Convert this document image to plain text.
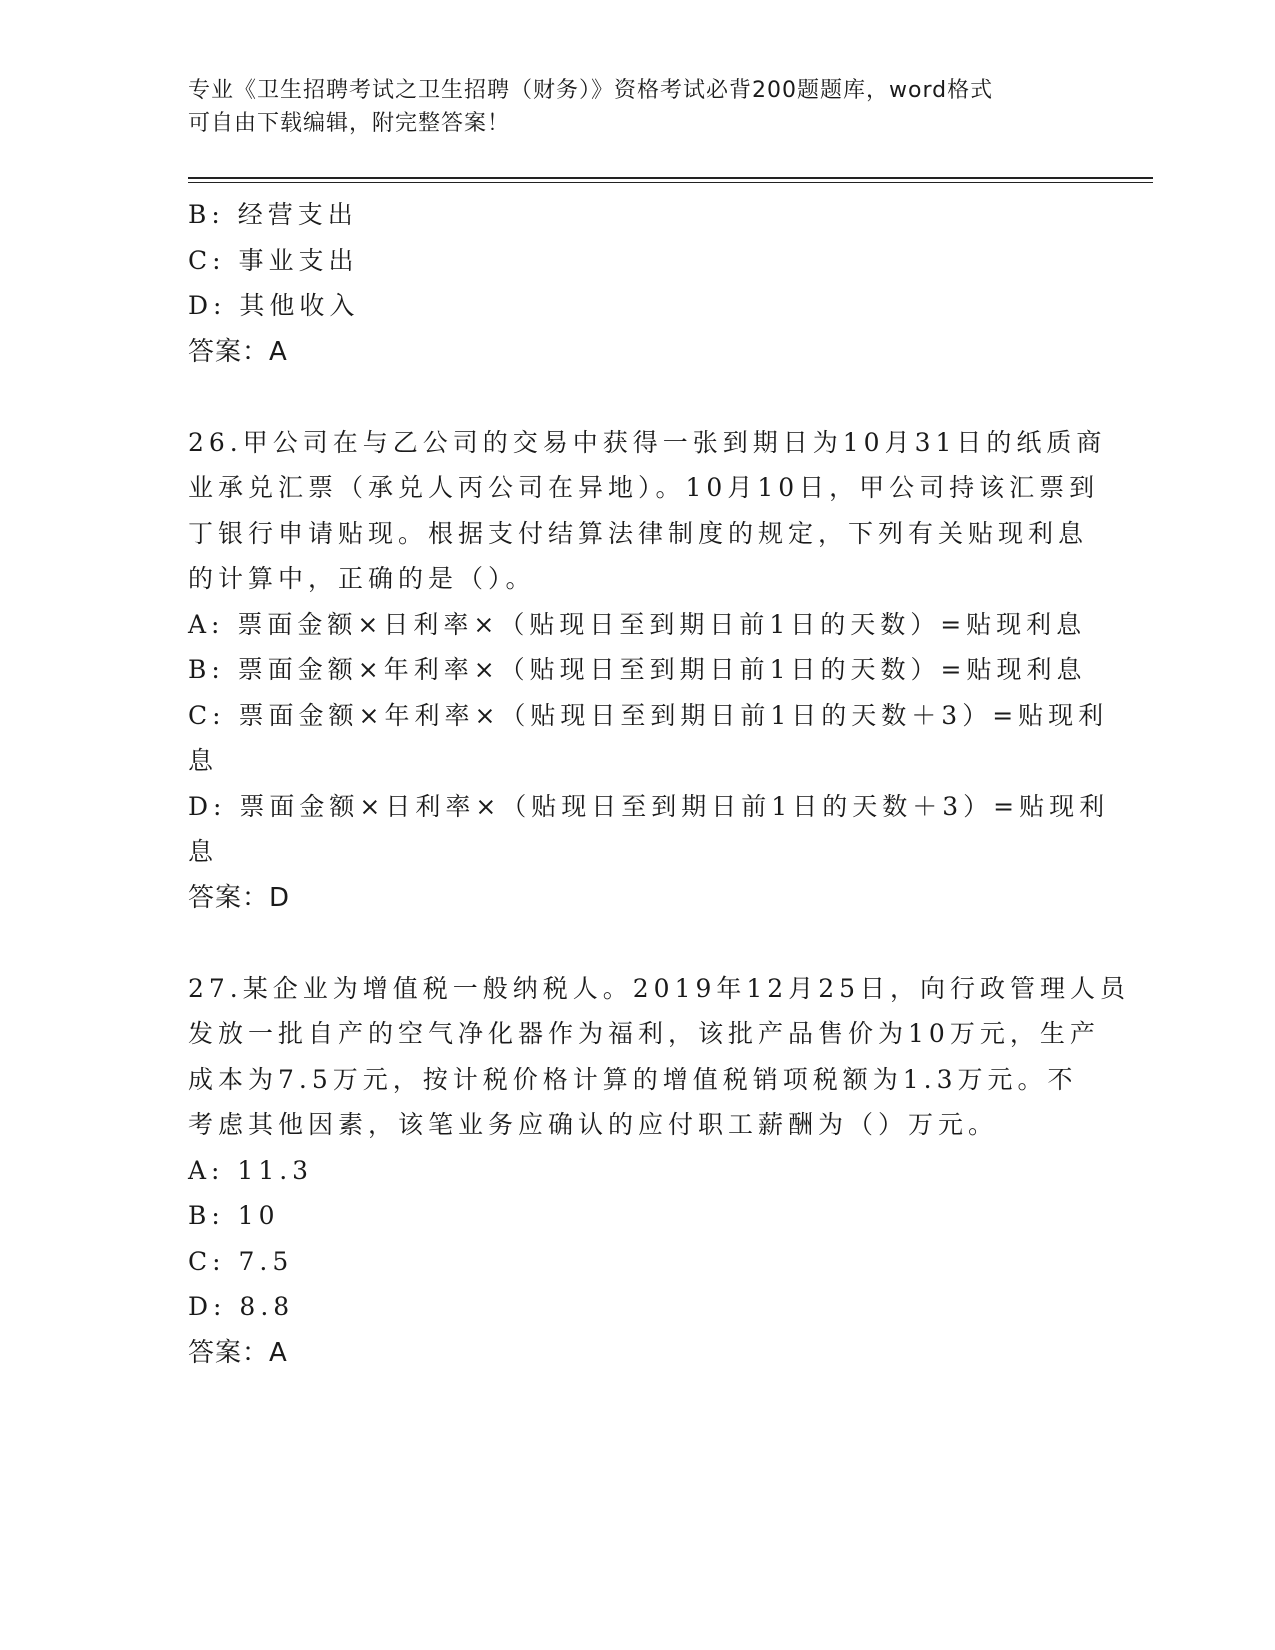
专业《卫生招聘考试之卫生招聘（财务）》资格考试必背200题题库，word格式
可自由下载编辑，附完整答案！
B: 经营支出
C: 事业支出
D: 其他收入
答案：A
26.甲公司在与乙公司的交易中获得一张到期日为10月31日的纸质商
业承兑汇票（承兑人丙公司在异地）。10月10日，甲公司持该汇票到
丁银行申请贴现。根据支付结算法律制度的规定，下列有关贴现利息
的计算中，正确的是（）。
A: 票面金额×日利率×（贴现日至到期日前1日的天数）=贴现利息
B: 票面金额×年利率×（贴现日至到期日前1日的天数）=贴现利息
C: 票面金额×年利率×（贴现日至到期日前1日的天数＋3）=贴现利
息
D: 票面金额×日利率×（贴现日至到期日前1日的天数＋3）=贴现利
息
答案：D
27.某企业为增值税一般纳税人。2019年12月25日，向行政管理人员
发放一批自产的空气净化器作为福利，该批产品售价为10万元，生产
成本为7.5万元，按计税价格计算的增值税销项税额为1.3万元。不
考虑其他因素，该笔业务应确认的应付职工薪酬为（）万元。
A: 11.3
B: 10
C: 7.5
D: 8.8
答案：A
